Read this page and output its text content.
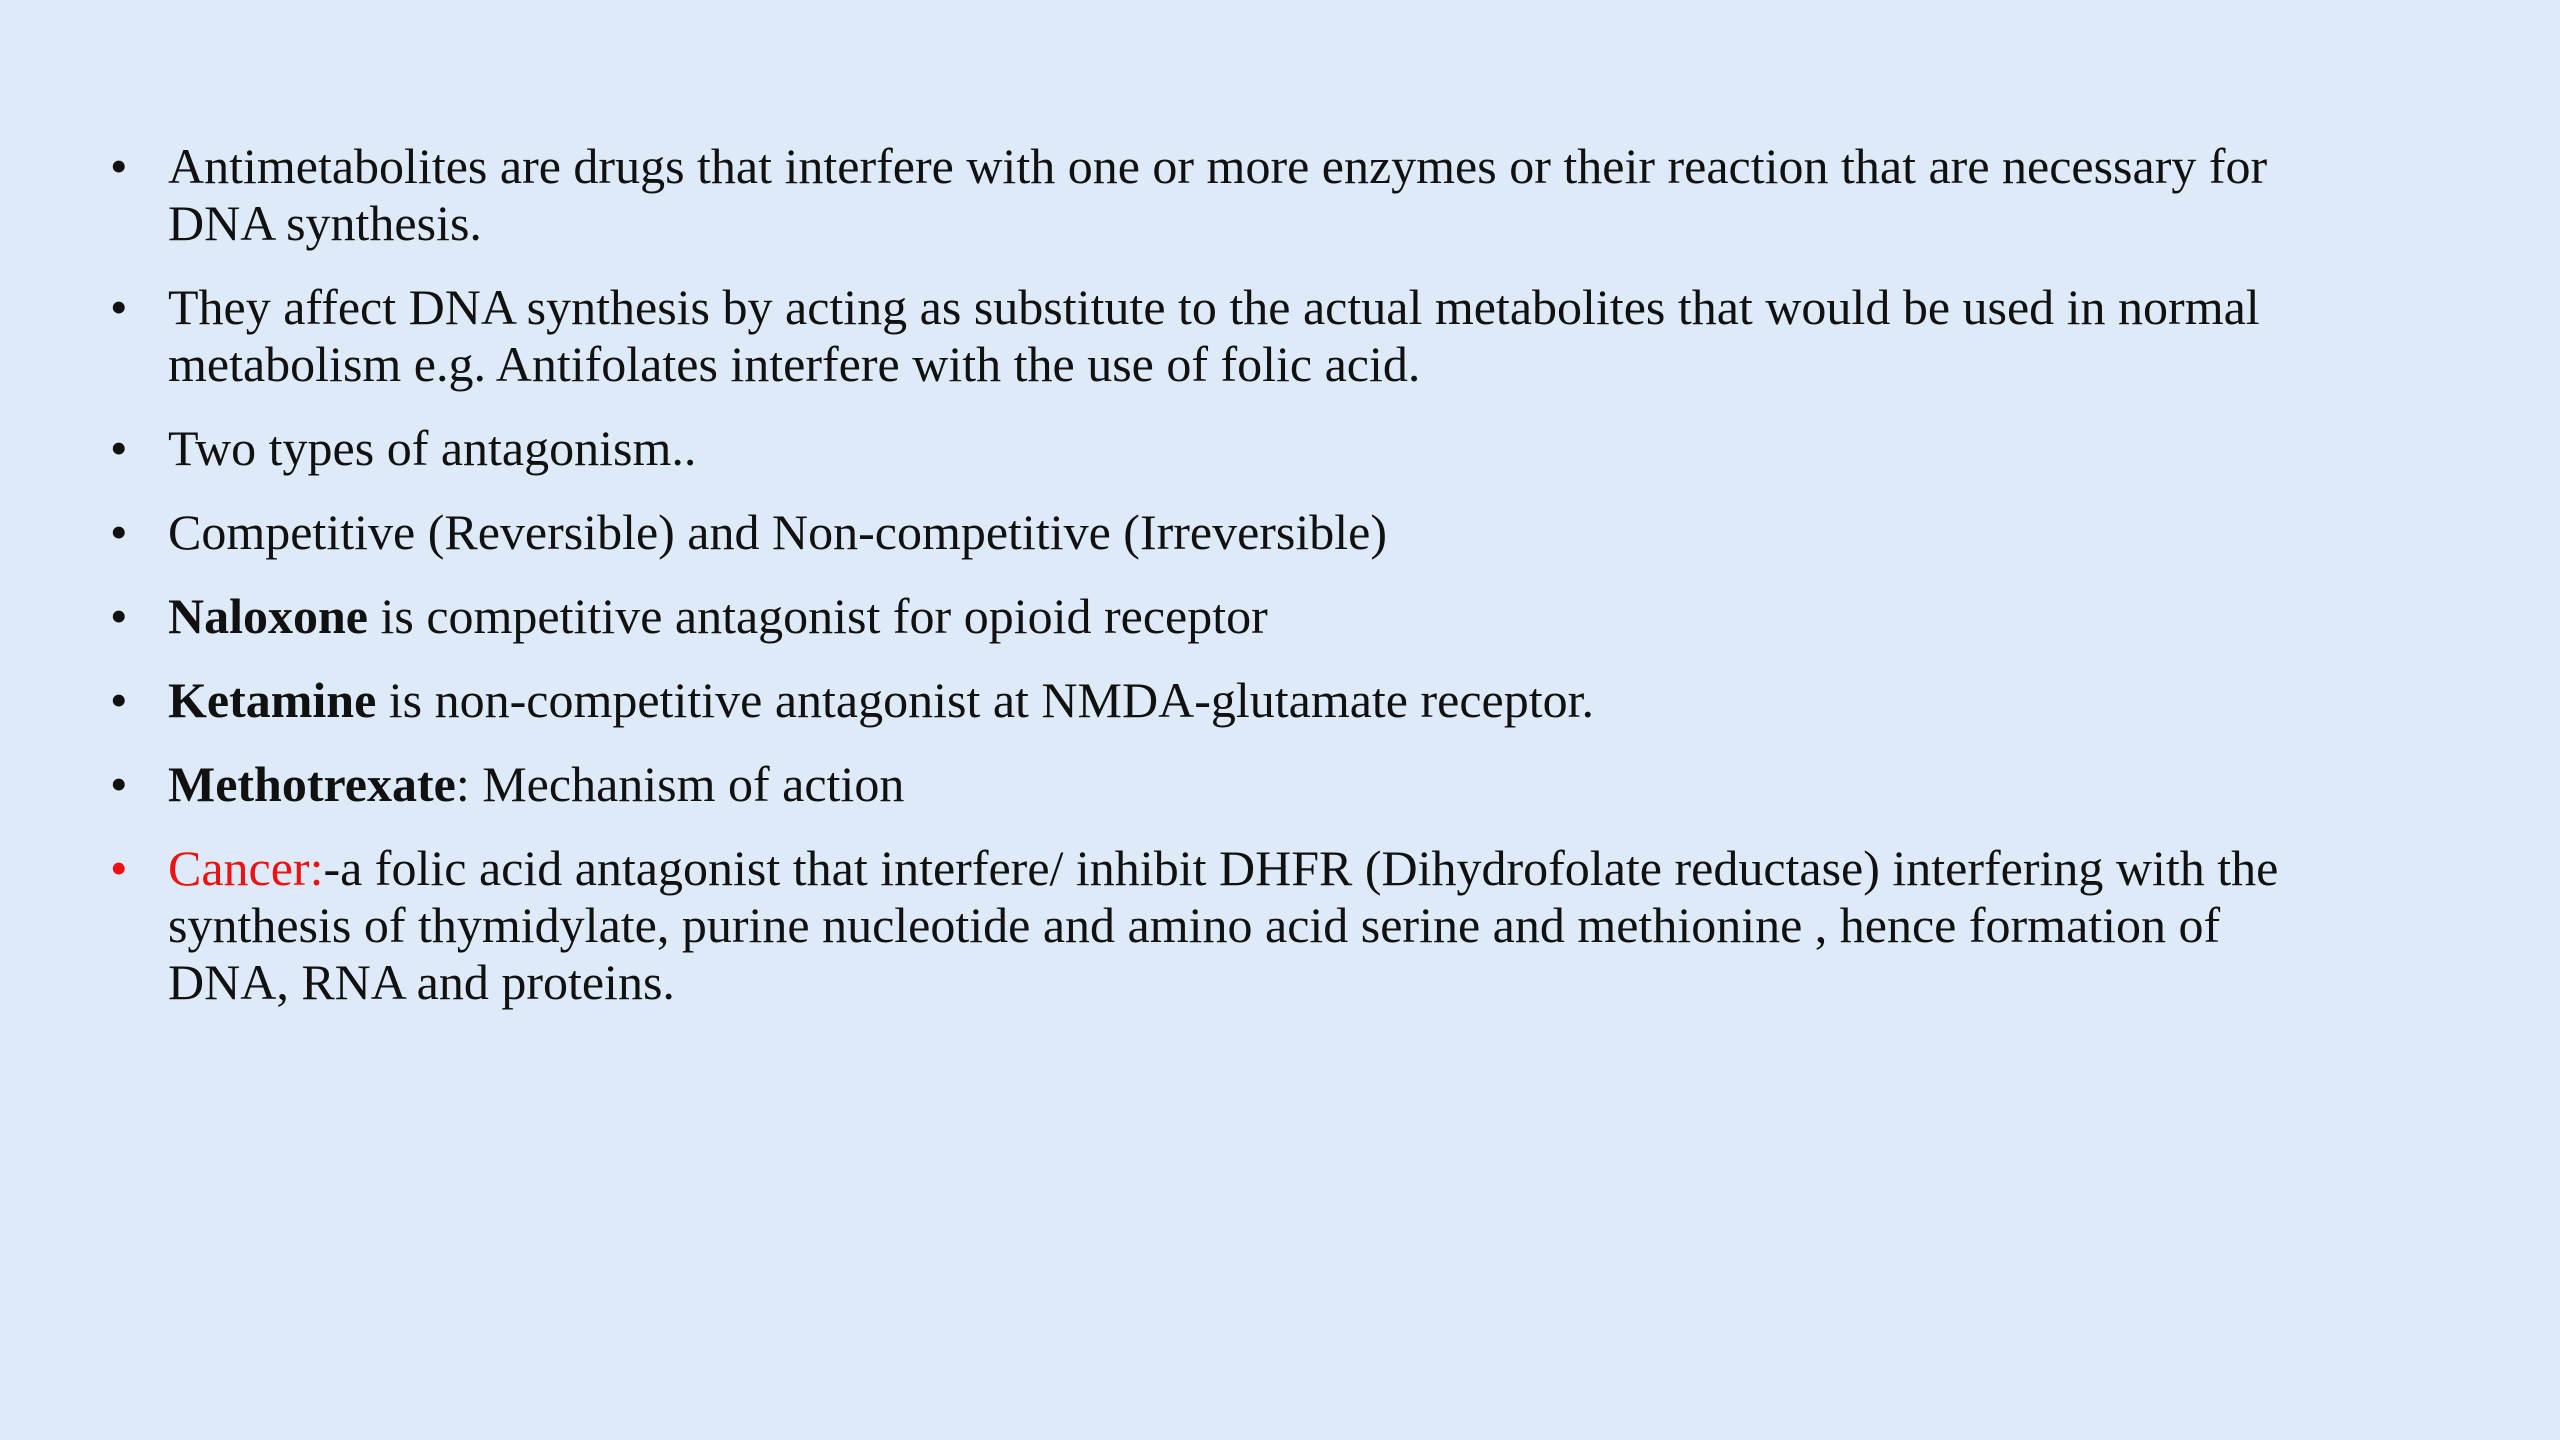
• Antimetabolites are drugs that interfere with one or more enzymes or their reaction that are necessary for DNA synthesis.
• They affect DNA synthesis by acting as substitute to the actual metabolites that would be used in normal metabolism e.g. Antifolates interfere with the use of folic acid.
• Two types of antagonism..
• Competitive (Reversible) and Non-competitive (Irreversible)
• Naloxone is competitive antagonist for opioid receptor
• Ketamine is non-competitive antagonist at NMDA-glutamate receptor.
• Methotrexate: Mechanism of action
• Cancer:-a folic acid antagonist that interfere/ inhibit DHFR (Dihydrofolate reductase) interfering with the synthesis of thymidylate, purine nucleotide and amino acid serine and methionine , hence formation of DNA, RNA and proteins.
